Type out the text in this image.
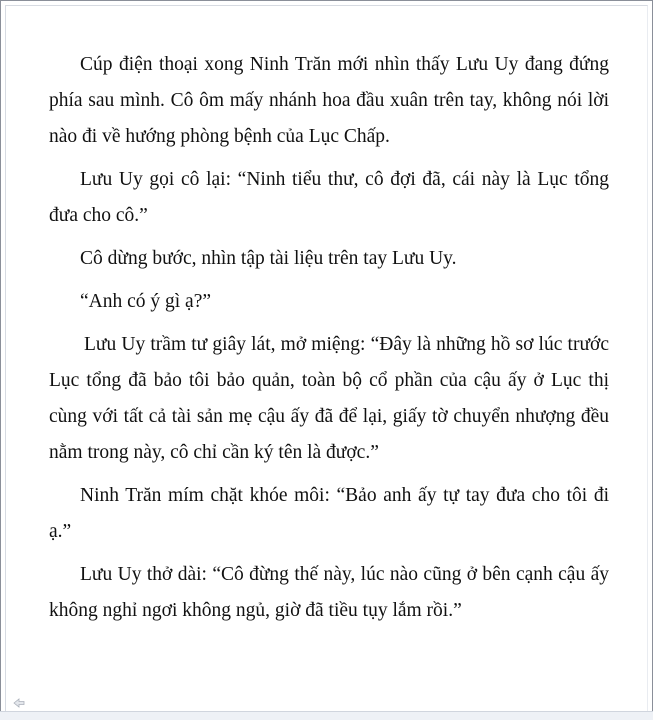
Cúp điện thoại xong Ninh Trăn mới nhìn thấy Lưu Uy đang đứng phía sau mình. Cô ôm mấy nhánh hoa đầu xuân trên tay, không nói lời nào đi về hướng phòng bệnh của Lục Chấp.

Lưu Uy gọi cô lại: “Ninh tiểu thư, cô đợi đã, cái này là Lục tổng đưa cho cô.”

Cô dừng bước, nhìn tập tài liệu trên tay Lưu Uy.

“Anh có ý gì ạ?”

Lưu Uy trầm tư giây lát, mở miệng: “Đây là những hồ sơ lúc trước Lục tổng đã bảo tôi bảo quản, toàn bộ cổ phần của cậu ấy ở Lục thị cùng với tất cả tài sản mẹ cậu ấy đã để lại, giấy tờ chuyển nhượng đều nằm trong này, cô chỉ cần ký tên là được.”

Ninh Trăn mím chặt khóe môi: “Bảo anh ấy tự tay đưa cho tôi đi ạ.”

Lưu Uy thở dài: “Cô đừng thế này, lúc nào cũng ở bên cạnh cậu ấy không nghỉ ngơi không ngủ, giờ đã tiều tụy lắm rồi.”
